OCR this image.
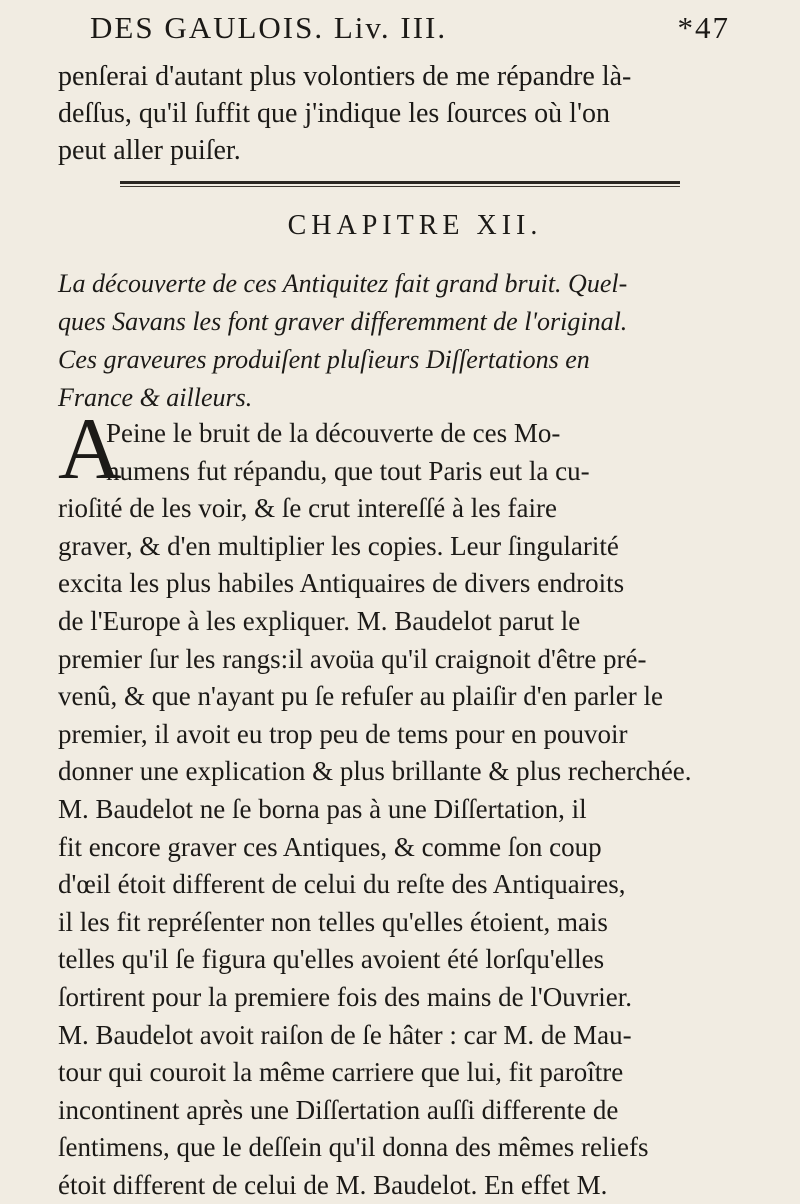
DES GAULOIS. Liv. III.	*47
penſerai d'autant plus volontiers de me répandre là-
deſſus, qu'il ſuffit que j'indique les ſources où l'on
peut aller puiſer.
CHAPITRE XII.
La découverte de ces Antiquitez fait grand bruit. Quel-
ques Savans les font graver differemment de l'original.
Ces graveures produiſent pluſieurs Diſſertations en
France & ailleurs.
A
Peine le bruit de la découverte de ces Mo-
numens fut répandu, que tout Paris eut la cu-
rioſité de les voir, & ſe crut intereſſé à les faire
graver, & d'en multiplier les copies. Leur ſingularité
excita les plus habiles Antiquaires de divers endroits
de l'Europe à les expliquer. M. Baudelot parut le
premier ſur les rangs:il avoüa qu'il craignoit d'être pré-
venû, & que n'ayant pu ſe refuſer au plaiſir d'en parler le
premier, il avoit eu trop peu de tems pour en pouvoir
donner une explication & plus brillante & plus recherchée.
M. Baudelot ne ſe borna pas à une Diſſertation, il
fit encore graver ces Antiques, & comme ſon coup
d'œil étoit different de celui du reſte des Antiquaires,
il les fit repréſenter non telles qu'elles étoient, mais
telles qu'il ſe figura qu'elles avoient été lorſqu'elles
ſortirent pour la premiere fois des mains de l'Ouvrier.
M. Baudelot avoit raiſon de ſe hâter : car M. de Mau-
tour qui couroit la même carriere que lui, fit paroître
incontinent après une Diſſertation auſſi differente de
ſentimens, que le deſſein qu'il donna des mêmes reliefs
étoit different de celui de M. Baudelot. En effet M.
